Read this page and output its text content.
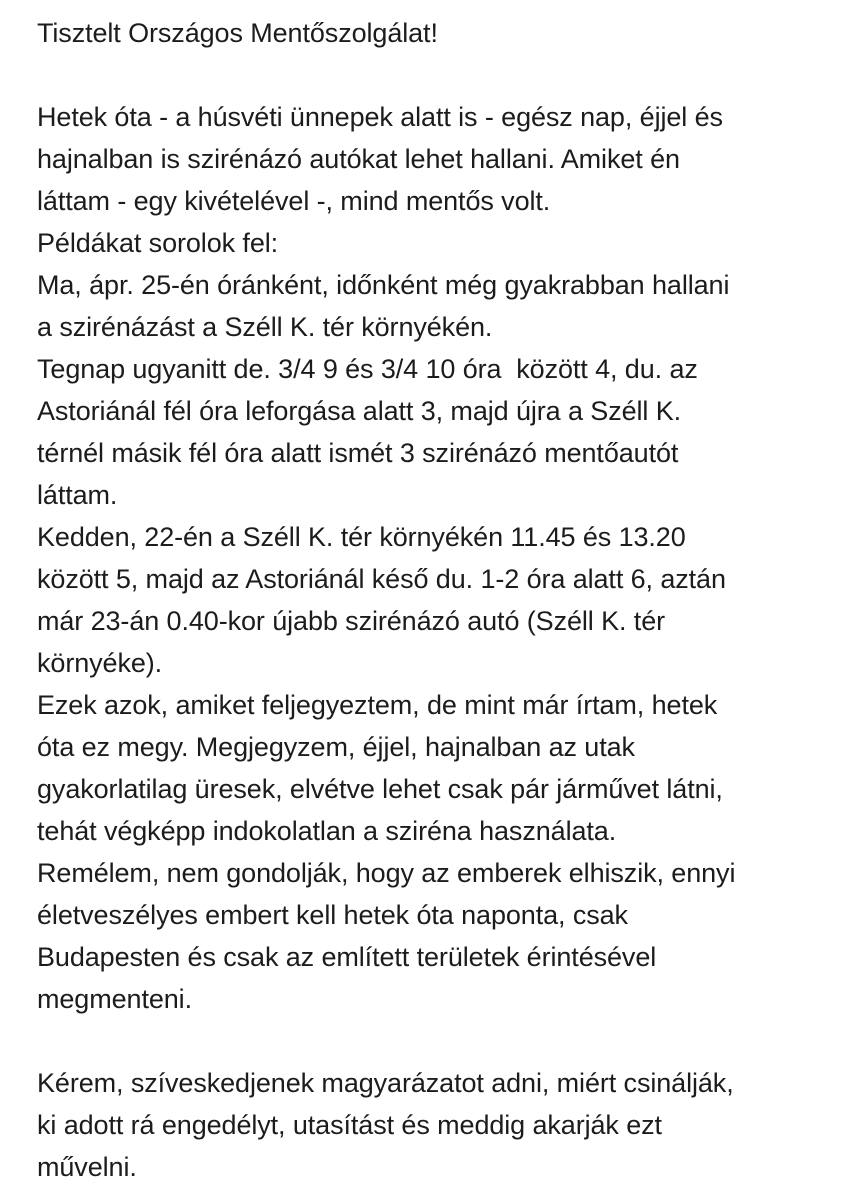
Tisztelt Országos Mentőszolgálat!
Hetek óta - a húsvéti ünnepek alatt is - egész nap, éjjel és
hajnalban is szirénázó autókat lehet hallani. Amiket én
láttam - egy kivételével -, mind mentős volt.
Példákat sorolok fel:
Ma, ápr. 25-én óránként, időnként még gyakrabban hallani
a szirénázást a Széll K. tér környékén.
Tegnap ugyanitt de. 3/4 9 és 3/4 10 óra  között 4, du. az
Astoriánál fél óra leforgása alatt 3, majd újra a Széll K.
térnél másik fél óra alatt ismét 3 szirénázó mentőautót
láttam.
Kedden, 22-én a Széll K. tér környékén 11.45 és 13.20
között 5, majd az Astoriánál késő du. 1-2 óra alatt 6, aztán
már 23-án 0.40-kor újabb szirénázó autó (Széll K. tér
környéke).
Ezek azok, amiket feljegyeztem, de mint már írtam, hetek
óta ez megy. Megjegyzem, éjjel, hajnalban az utak
gyakorlatilag üresek, elvétve lehet csak pár járművet látni,
tehát végképp indokolatlan a sziréna használata.
Remélem, nem gondolják, hogy az emberek elhiszik, ennyi
életveszélyes embert kell hetek óta naponta, csak
Budapesten és csak az említett területek érintésével
megmenteni.
Kérem, szíveskedjenek magyarázatot adni, miért csinálják,
ki adott rá engedélyt, utasítást és meddig akarják ezt
művelni.
